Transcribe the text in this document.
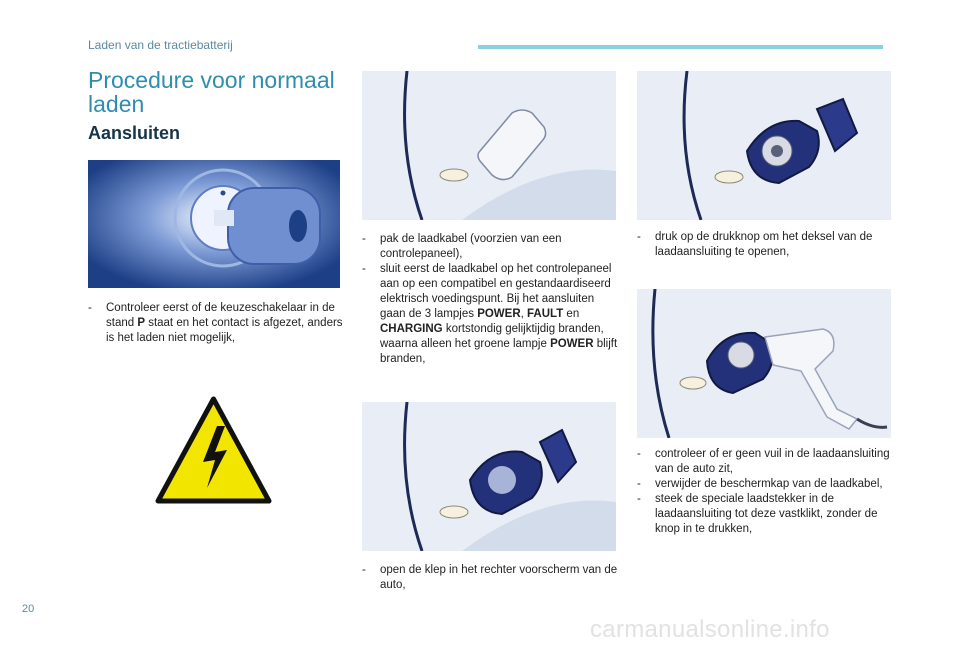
Laden van de tractiebatterij
Procedure voor normaal laden
Aansluiten

- Controleer eerst of de keuzeschakelaar in de stand P staat en het contact is afgezet, anders is het laden niet mogelijk,

- pak de laadkabel (voorzien van een controlepaneel),

- sluit eerst de laadkabel op het controlepaneel aan op een compatibel en gestandaardiseerd elektrisch voedingspunt. Bij het aansluiten gaan de 3 lampjes POWER, FAULT en CHARGING kortstondig gelijktijdig branden, waarna alleen het groene lampje POWER blijft branden,

- open de klep in het rechter voorscherm van de auto,

- druk op de drukknop om het deksel van de laadaansluiting te openen,

- controleer of er geen vuil in de laadaansluiting van de auto zit,

- verwijder de beschermkap van de laadkabel,

- steek de speciale laadstekker in de laadaansluiting tot deze vastklikt, zonder de knop in te drukken,

20
carmanualsonline.info
